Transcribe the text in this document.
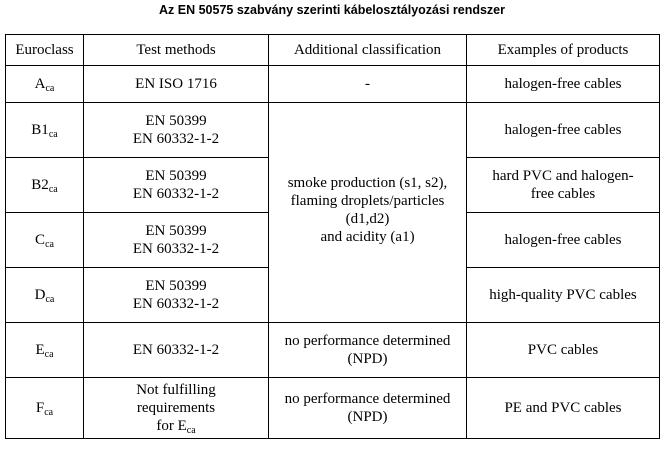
Az EN 50575 szabvány szerinti kábelosztályozási rendszer
Euroclass	Test methods	Additional classification	Examples of products
$A_{ca}$	EN ISO 1716	-	halogen-free cables

$B1_{ca}$	EN 50399
EN 60332-1-2	smoke production (s1, s2),
flaming droplets/particles
(d1,d2)
and acidity (a1)	halogen-free cables

$B2_{ca}$	EN 50399
EN 60332-1-2		hard PVC and halogen-
free cables

$C_{ca}$	EN 50399
EN 60332-1-2		halogen-free cables

$D_{ca}$	EN 50399
EN 60332-1-2		high-quality PVC cables

$E_{ca}$	EN 60332-1-2	no performance determined
(NPD)	PVC cables

$F_{ca}$	Not fulfilling
requirements
for $E_{ca}$	no performance determined
(NPD)	PE and PVC cables
